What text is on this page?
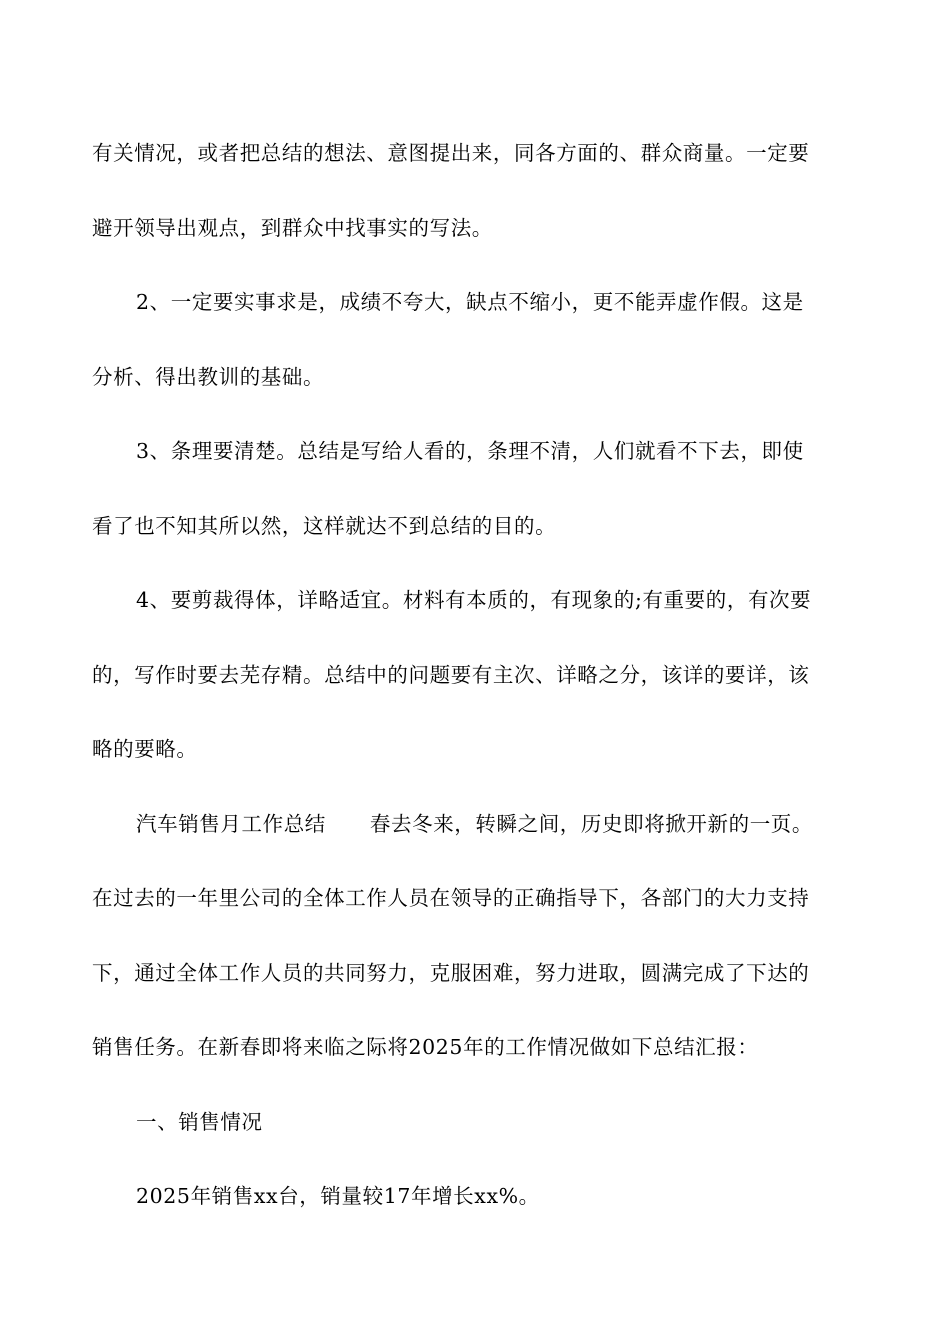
有关情况，或者把总结的想法、意图提出来，同各方面的、群众商量。一定要
避开领导出观点，到群众中找事实的写法。
2、一定要实事求是，成绩不夸大，缺点不缩小，更不能弄虚作假。这是
分析、得出教训的基础。
3、条理要清楚。总结是写给人看的，条理不清，人们就看不下去，即使
看了也不知其所以然，这样就达不到总结的目的。
4、要剪裁得体，详略适宜。材料有本质的，有现象的;有重要的，有次要
的，写作时要去芜存精。总结中的问题要有主次、详略之分，该详的要详，该
略的要略。
汽车销售月工作总结 春去冬来，转瞬之间，历史即将掀开新的一页。
在过去的一年里公司的全体工作人员在领导的正确指导下，各部门的大力支持
下，通过全体工作人员的共同努力，克服困难，努力进取，圆满完成了下达的
销售任务。在新春即将来临之际将2025年的工作情况做如下总结汇报：
一、销售情况
2025年销售xx台，销量较17年增长xx%。
